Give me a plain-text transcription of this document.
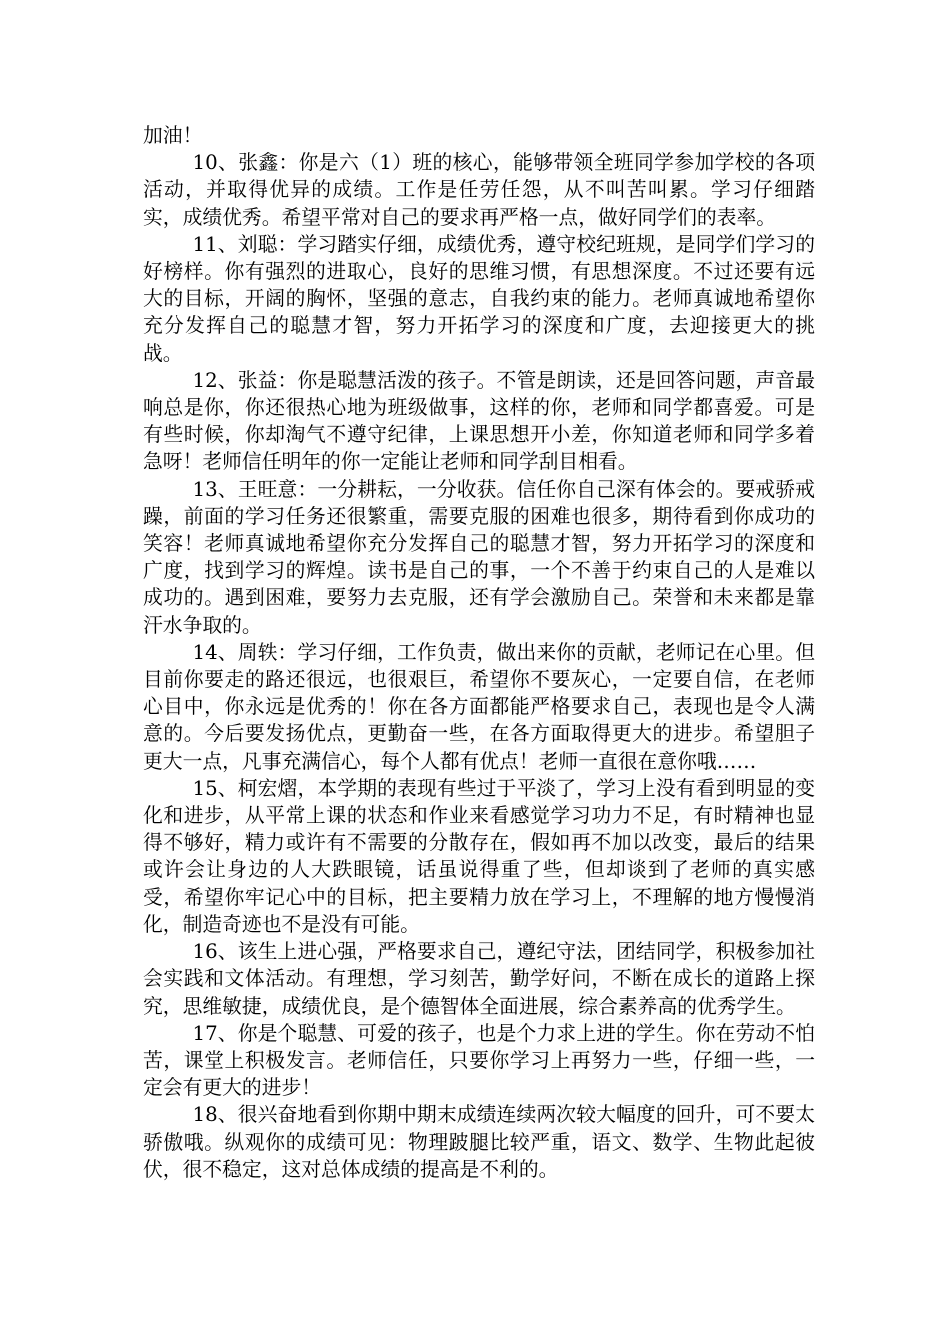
加油！

10、张鑫：你是六（1）班的核心，能够带领全班同学参加学校的各项活动，并取得优异的成绩。工作是任劳任怨，从不叫苦叫累。学习仔细踏实，成绩优秀。希望平常对自己的要求再严格一点，做好同学们的表率。

11、刘聪：学习踏实仔细，成绩优秀，遵守校纪班规，是同学们学习的好榜样。你有强烈的进取心，良好的思维习惯，有思想深度。不过还要有远大的目标，开阔的胸怀，坚强的意志，自我约束的能力。老师真诚地希望你充分发挥自己的聪慧才智，努力开拓学习的深度和广度，去迎接更大的挑战。

12、张益：你是聪慧活泼的孩子。不管是朗读，还是回答问题，声音最响总是你，你还很热心地为班级做事，这样的你，老师和同学都喜爱。可是有些时候，你却淘气不遵守纪律，上课思想开小差，你知道老师和同学多着急呀！老师信任明年的你一定能让老师和同学刮目相看。

13、王旺意：一分耕耘，一分收获。信任你自己深有体会的。要戒骄戒躁，前面的学习任务还很繁重，需要克服的困难也很多，期待看到你成功的笑容！老师真诚地希望你充分发挥自己的聪慧才智，努力开拓学习的深度和广度，找到学习的辉煌。读书是自己的事，一个不善于约束自己的人是难以成功的。遇到困难，要努力去克服，还有学会激励自己。荣誉和未来都是靠汗水争取的。

14、周轶：学习仔细，工作负责，做出来你的贡献，老师记在心里。但目前你要走的路还很远，也很艰巨，希望你不要灰心，一定要自信，在老师心目中，你永远是优秀的！你在各方面都能严格要求自己，表现也是令人满意的。今后要发扬优点，更勤奋一些，在各方面取得更大的进步。希望胆子更大一点，凡事充满信心，每个人都有优点！老师一直很在意你哦……

15、柯宏熠，本学期的表现有些过于平淡了，学习上没有看到明显的变化和进步，从平常上课的状态和作业来看感觉学习功力不足，有时精神也显得不够好，精力或许有不需要的分散存在，假如再不加以改变，最后的结果或许会让身边的人大跌眼镜，话虽说得重了些，但却谈到了老师的真实感受，希望你牢记心中的目标，把主要精力放在学习上，不理解的地方慢慢消化，制造奇迹也不是没有可能。

16、该生上进心强，严格要求自己，遵纪守法，团结同学，积极参加社会实践和文体活动。有理想，学习刻苦，勤学好问，不断在成长的道路上探究，思维敏捷，成绩优良，是个德智体全面进展，综合素养高的优秀学生。

17、你是个聪慧、可爱的孩子，也是个力求上进的学生。你在劳动不怕苦，课堂上积极发言。老师信任，只要你学习上再努力一些，仔细一些，一定会有更大的进步！

18、很兴奋地看到你期中期末成绩连续两次较大幅度的回升，可不要太骄傲哦。纵观你的成绩可见：物理跛腿比较严重，语文、数学、生物此起彼伏，很不稳定，这对总体成绩的提高是不利的。
